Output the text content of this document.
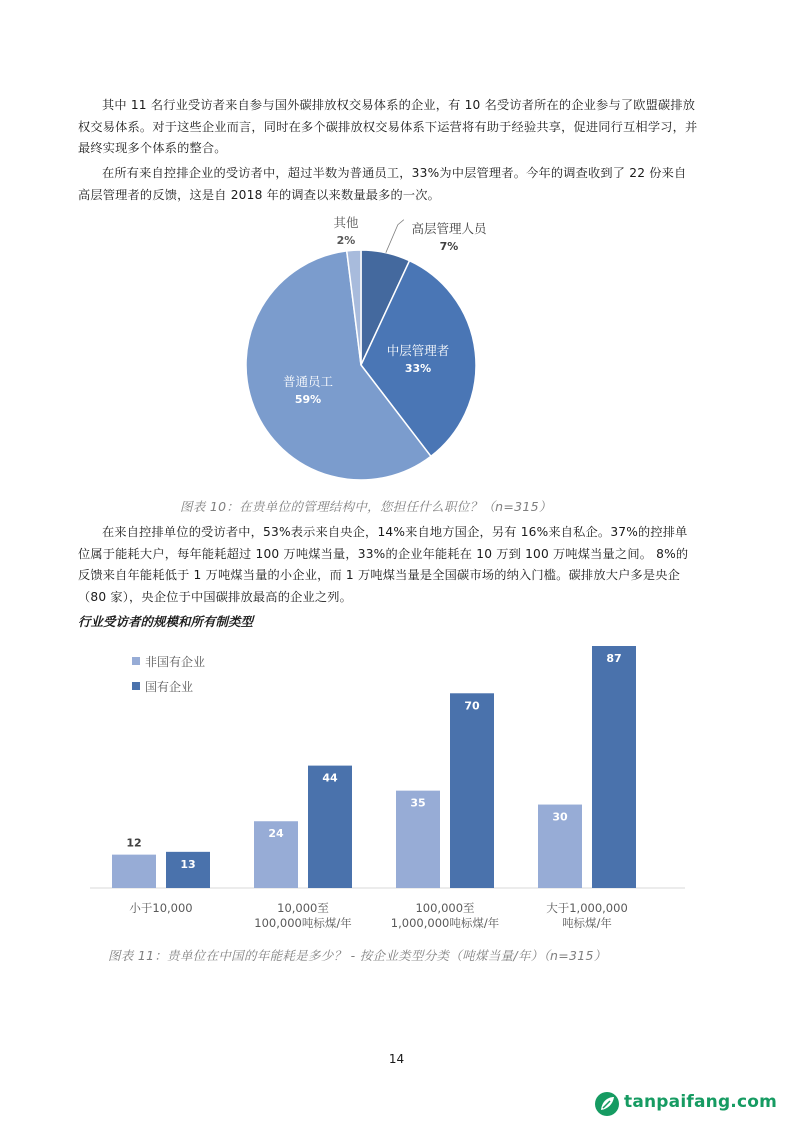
其中 11 名行业受访者来自参与国外碳排放权交易体系的企业，有 10 名受访者所在的企业参与了欧盟碳排放权交易体系。对于这些企业而言，同时在多个碳排放权交易体系下运营将有助于经验共享，促进同行互相学习，并最终实现多个体系的整合。

在所有来自控排企业的受访者中，超过半数为普通员工，33%为中层管理者。今年的调查收到了 22 份来自高层管理者的反馈，这是自 2018 年的调查以来数量最多的一次。

高层管理人员
7%
中层管理者
33%
普通员工
59%
其他
2%
图表 10：在贵单位的管理结构中，您担任什么职位？（n=315）

在来自控排单位的受访者中，53%表示来自央企，14%来自地方国企，另有 16%来自私企。37%的控排单位属于能耗大户，每年能耗超过 100 万吨煤当量，33%的企业年能耗在 10 万到 100 万吨煤当量之间。 8%的反馈来自年能耗低于 1 万吨煤当量的小企业，而 1 万吨煤当量是全国碳市场的纳入门槛。碳排放大户多是央企（80 家），央企位于中国碳排放最高的企业之列。

行业受访者的规模和所有制类型
12
13
小于10,000
24
44
10,000至
100,000吨标煤/年
35
70
100,000至
1,000,000吨标煤/年
30
87
大于1,000,000
吨标煤/年
非国有企业
国有企业
图表 11：贵单位在中国的年能耗是多少？ - 按企业类型分类（吨煤当量/年）（n=315）
14
tanpaifang.com
